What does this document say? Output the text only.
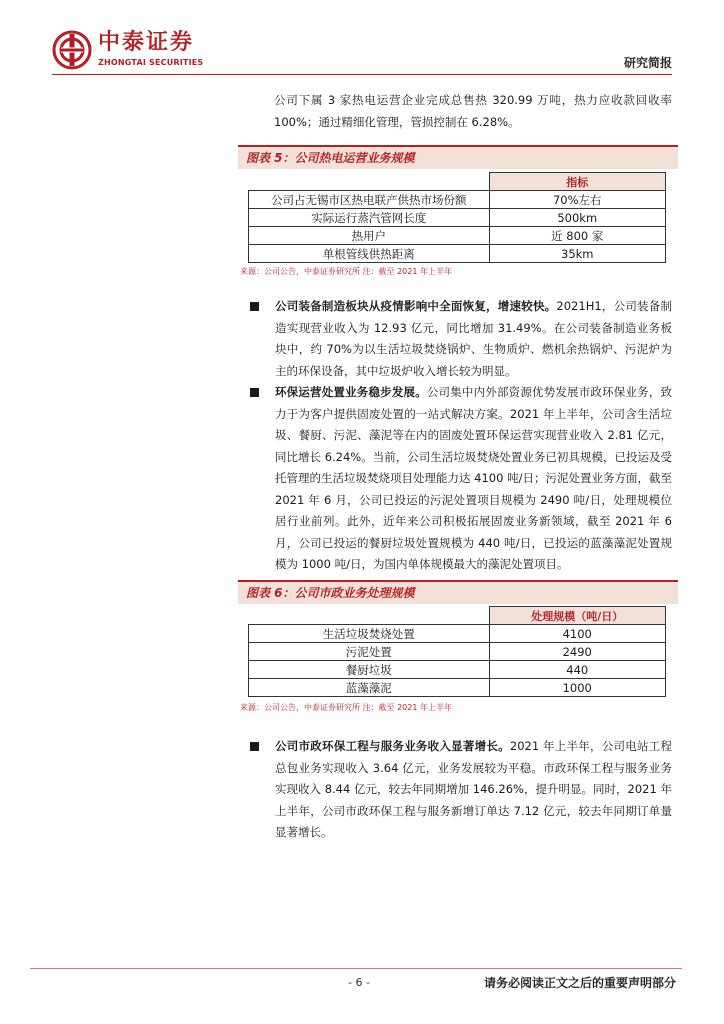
中泰证券
ZHONGTAI SECURITIES	研究简报
公司下属 3 家热电运营企业完成总售热 320.99 万吨，热力应收款回收率 100%；通过精细化管理，管损控制在 6.28%。
图表 5：公司热电运营业务规模
	指标
公司占无锡市区热电联产供热市场份额	70%左右
实际运行蒸汽管网长度	500km
热用户	近 800 家
单根管线供热距离	35km
来源：公司公告，中泰证券研究所 注：截至 2021 年上半年
公司装备制造板块从疫情影响中全面恢复，增速较快。2021H1，公司装备制造实现营业收入为 12.93 亿元，同比增加 31.49%。在公司装备制造业务板块中，约 70%为以生活垃圾焚烧锅炉、生物质炉、燃机余热锅炉、污泥炉为主的环保设备，其中垃圾炉收入增长较为明显。
环保运营处置业务稳步发展。公司集中内外部资源优势发展市政环保业务，致力于为客户提供固废处置的一站式解决方案。2021 年上半年，公司含生活垃圾、餐厨、污泥、藻泥等在内的固废处置环保运营实现营业收入 2.81 亿元，同比增长 6.24%。当前，公司生活垃圾焚烧处置业务已初具规模，已投运及受托管理的生活垃圾焚烧项目处理能力达 4100 吨/日；污泥处置业务方面，截至 2021 年 6 月，公司已投运的污泥处置项目规模为 2490 吨/日，处理规模位居行业前列。此外，近年来公司积极拓展固废业务新领域，截至 2021 年 6 月，公司已投运的餐厨垃圾处置规模为 440 吨/日，已投运的蓝藻藻泥处置规模为 1000 吨/日，为国内单体规模最大的藻泥处置项目。
图表 6：公司市政业务处理规模
	处理规模（吨/日）
生活垃圾焚烧处置	4100
污泥处置	2490
餐厨垃圾	440
蓝藻藻泥	1000
来源：公司公告，中泰证券研究所 注：截至 2021 年上半年
公司市政环保工程与服务业务收入显著增长。2021 年上半年，公司电站工程总包业务实现收入 3.64 亿元，业务发展较为平稳。市政环保工程与服务业务实现收入 8.44 亿元，较去年同期增加 146.26%，提升明显。同时，2021 年上半年，公司市政环保工程与服务新增订单达 7.12 亿元，较去年同期订单量显著增长。
- 6 -	请务必阅读正文之后的重要声明部分
